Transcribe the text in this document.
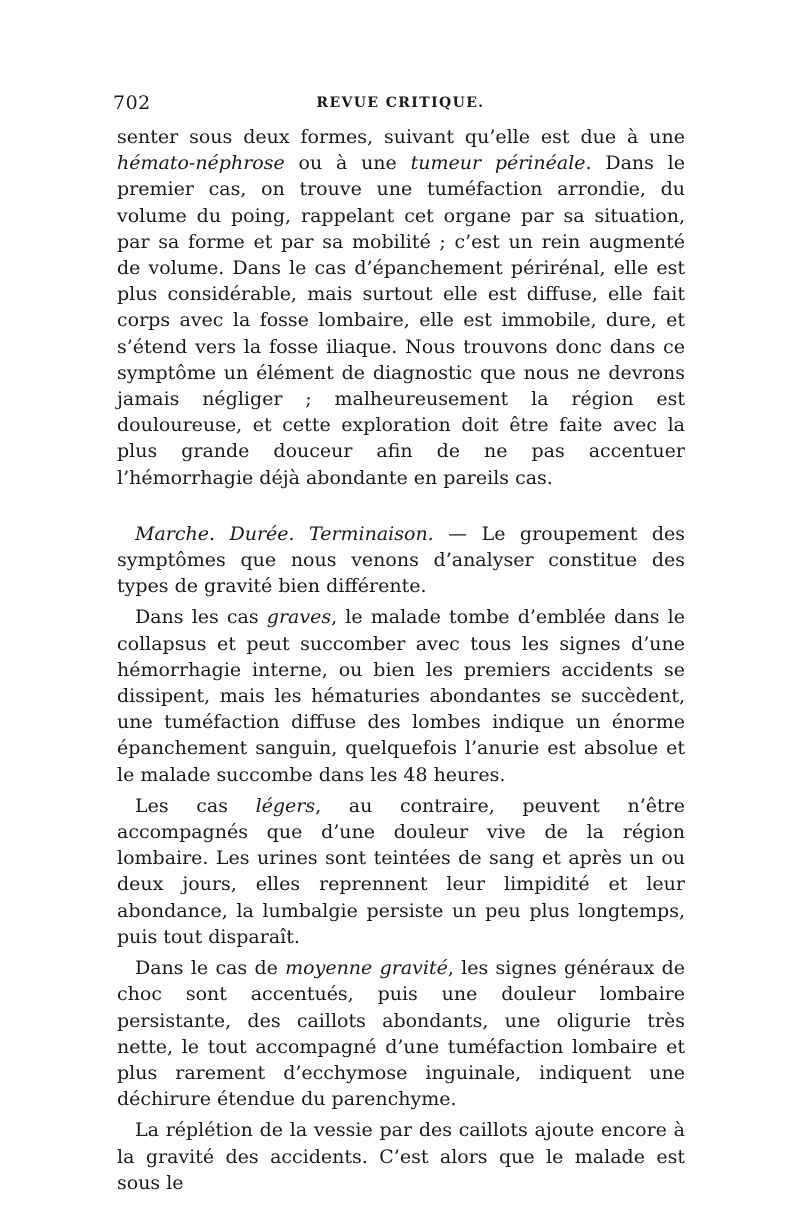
702	REVUE CRITIQUE.

senter sous deux formes, suivant qu’elle est due à une hémato-néphrose ou à une tumeur périnéale. Dans le premier cas, on trouve une tuméfaction arrondie, du volume du poing, rappelant cet organe par sa situation, par sa forme et par sa mobilité ; c’est un rein augmenté de volume. Dans le cas d’épanchement périrénal, elle est plus considérable, mais surtout elle est diffuse, elle fait corps avec la fosse lombaire, elle est immobile, dure, et s’étend vers la fosse iliaque. Nous trouvons donc dans ce symptôme un élément de diagnostic que nous ne devrons jamais négliger ; malheureusement la région est douloureuse, et cette exploration doit être faite avec la plus grande douceur afin de ne pas accentuer l’hémorrhagie déjà abondante en pareils cas.

Marche. Durée. Terminaison. — Le groupement des symptômes que nous venons d’analyser constitue des types de gravité bien différente.

Dans les cas graves, le malade tombe d’emblée dans le collapsus et peut succomber avec tous les signes d’une hémorrhagie interne, ou bien les premiers accidents se dissipent, mais les hématuries abondantes se succèdent, une tuméfaction diffuse des lombes indique un énorme épanchement sanguin, quelquefois l’anurie est absolue et le malade succombe dans les 48 heures.

Les cas légers, au contraire, peuvent n’être accompagnés que d’une douleur vive de la région lombaire. Les urines sont teintées de sang et après un ou deux jours, elles reprennent leur limpidité et leur abondance, la lumbalgie persiste un peu plus longtemps, puis tout disparaît.

Dans le cas de moyenne gravité, les signes généraux de choc sont accentués, puis une douleur lombaire persistante, des caillots abondants, une oligurie très nette, le tout accompagné d’une tuméfaction lombaire et plus rarement d’ecchymose inguinale, indiquent une déchirure étendue du parenchyme.

La réplétion de la vessie par des caillots ajoute encore à la gravité des accidents. C’est alors que le malade est sous le
